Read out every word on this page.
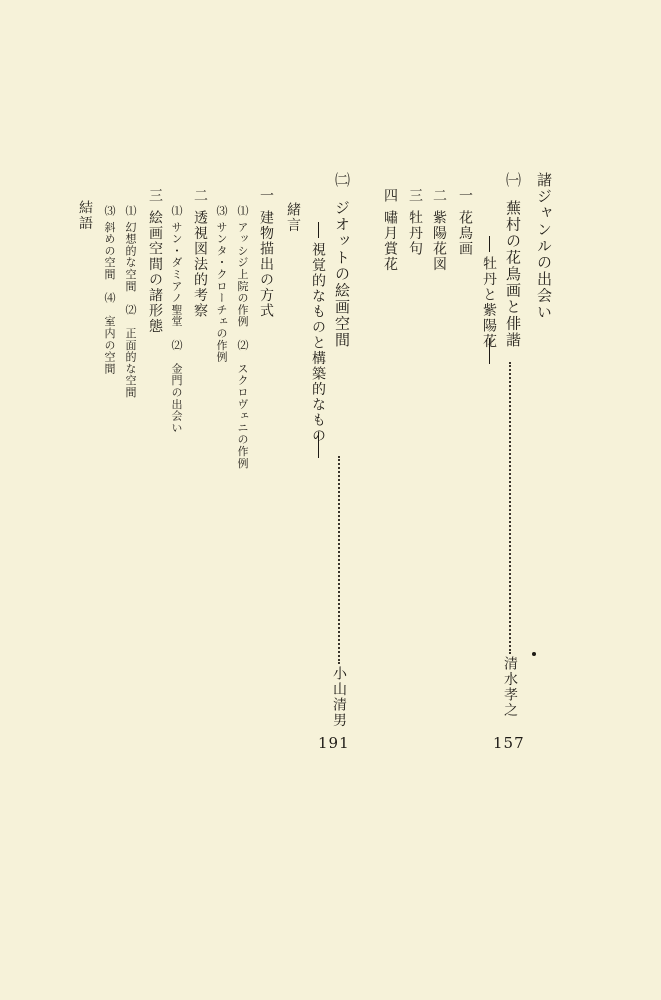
諸ジャンルの出会い
㈠
蕪村の花鳥画と俳諧
牡丹と紫陽花
清水孝之
157
一
花鳥画
二
紫陽花図
三
牡丹句
四
嘯月賞花
㈡
ジオットの絵画空間
視覚的なものと構築的なもの
小山清男
191
緒言
一
建物描出の方式
⑴ アッシジ上院の作例　⑵　スクロヴェニの作例
⑶ サンタ・クローチェの作例
二
透視図法的考察
⑴ サン・ダミアノ聖堂　⑵　金門の出会い
三
絵画空間の諸形態
⑴ 幻想的な空間　⑵　正面的な空間
⑶ 斜めの空間　⑷　室内の空間
結語
